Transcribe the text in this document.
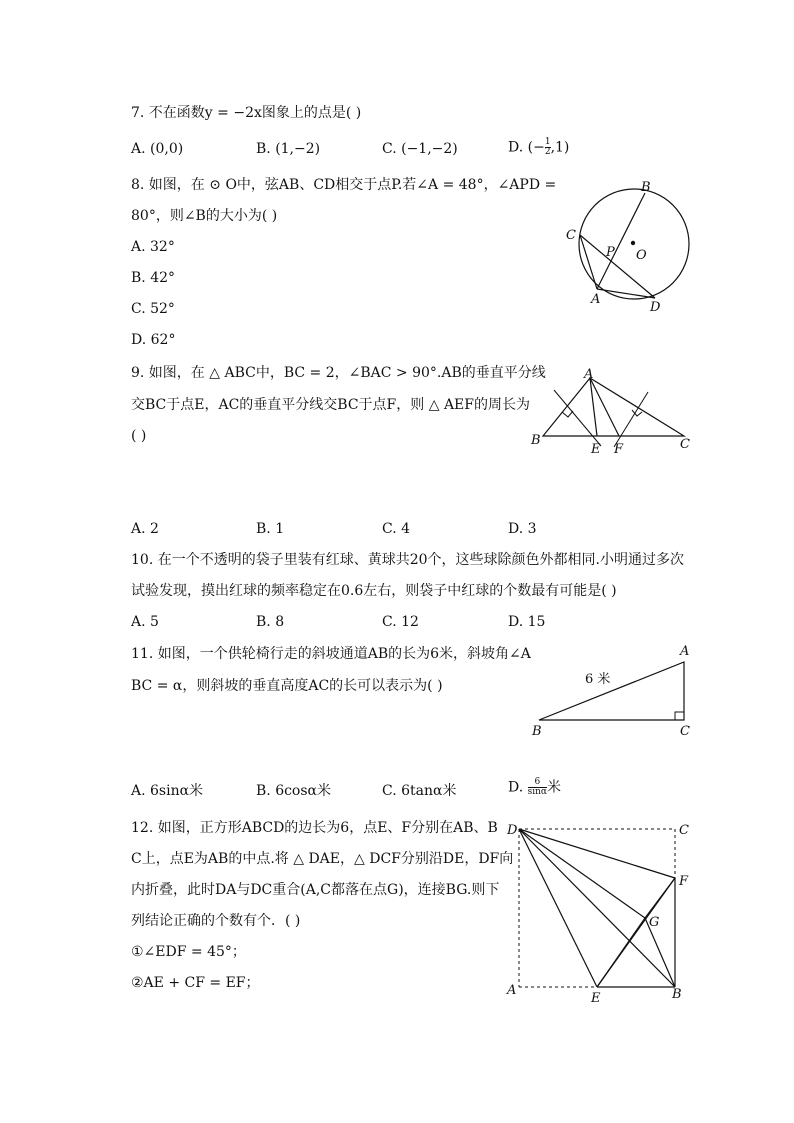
7. 不在函数y = −2x图象上的点是( )
A. (0,0)	B. (1,−2)	C. (−1,−2)	D. (− $\frac{1}{2} ,1$)
8. 如图，在 ⊙ O中，弦AB、CD相交于点P.若∠A = 48°，∠APD =
80°，则∠B的大小为( )
A. 32°
B. 42°
C. 52°
D. 62°
B
C
P O
A
D
9. 如图，在 △ ABC中，BC = 2，∠BAC > 90°.AB的垂直平分线
交BC于点E，AC的垂直平分线交BC于点F，则 △ AEF的周长为
( )
A
B
E F	C
A. 2	B. 1	C. 4	D. 3
10. 在一个不透明的袋子里装有红球、黄球共20个，这些球除颜色外都相同.小明通过多次
试验发现，摸出红球的频率稳定在0.6左右，则袋子中红球的个数最有可能是( )
A. 5	B. 8	C. 12	D. 15
11. 如图，一个供轮椅行走的斜坡通道AB的长为6米，斜坡角∠A
BC = α，则斜坡的垂直高度AC的长可以表示为( )
A
B	C
6 米
A. 6sinα米	B. 6cosα米	C. 6tanα米	D. $\frac{6}{\sin\alpha}$ 米
12. 如图，正方形ABCD的边长为6，点E、F分别在AB、B
C上，点E为AB的中点.将 △ DAE，△ DCF分别沿DE，DF向
内折叠，此时DA与DC重合(A,C都落在点G)，连接BG.则下
列结论正确的个数有个．( )
①∠EDF = 45°；
②AE + CF = EF；
D	C
F
G
A
E	B
